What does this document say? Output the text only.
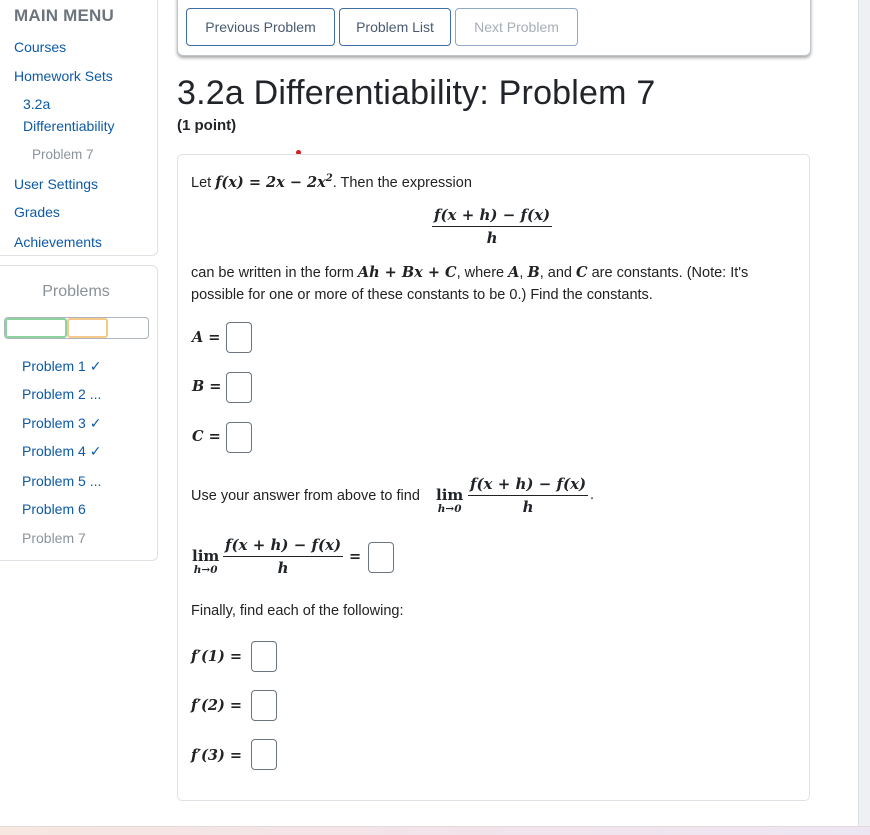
MAIN MENU
Courses
Homework Sets
3.2a
Differentiability
Problem 7
User Settings
Grades
Achievements
Problems
Problem 1 ✓
Problem 2 ...
Problem 3 ✓
Problem 4 ✓
Problem 5 ...
Problem 6
Problem 7
Previous Problem	Problem List	Next Problem
3.2a Differentiability: Problem 7
(1 point)
Let $f(x) = 2x - 2x^2$. Then the expression
$\frac{f(x + h) - f(x)}{h}$
can be written in the form Ah + Bx + C, where A, B, and C are constants. (Note: It's
possible for one or more of these constants to be 0.) Find the constants.
A =
B =
C =
Use your answer from above to find lim
$h\to 0 \frac{f(x + h) - f(x)}{h}$ .
lim
$h\to 0 \frac{f(x + h) - f(x)}{h}$ =
Finally, find each of the following:
f′(1) =
f′(2) =
f′(3) =
